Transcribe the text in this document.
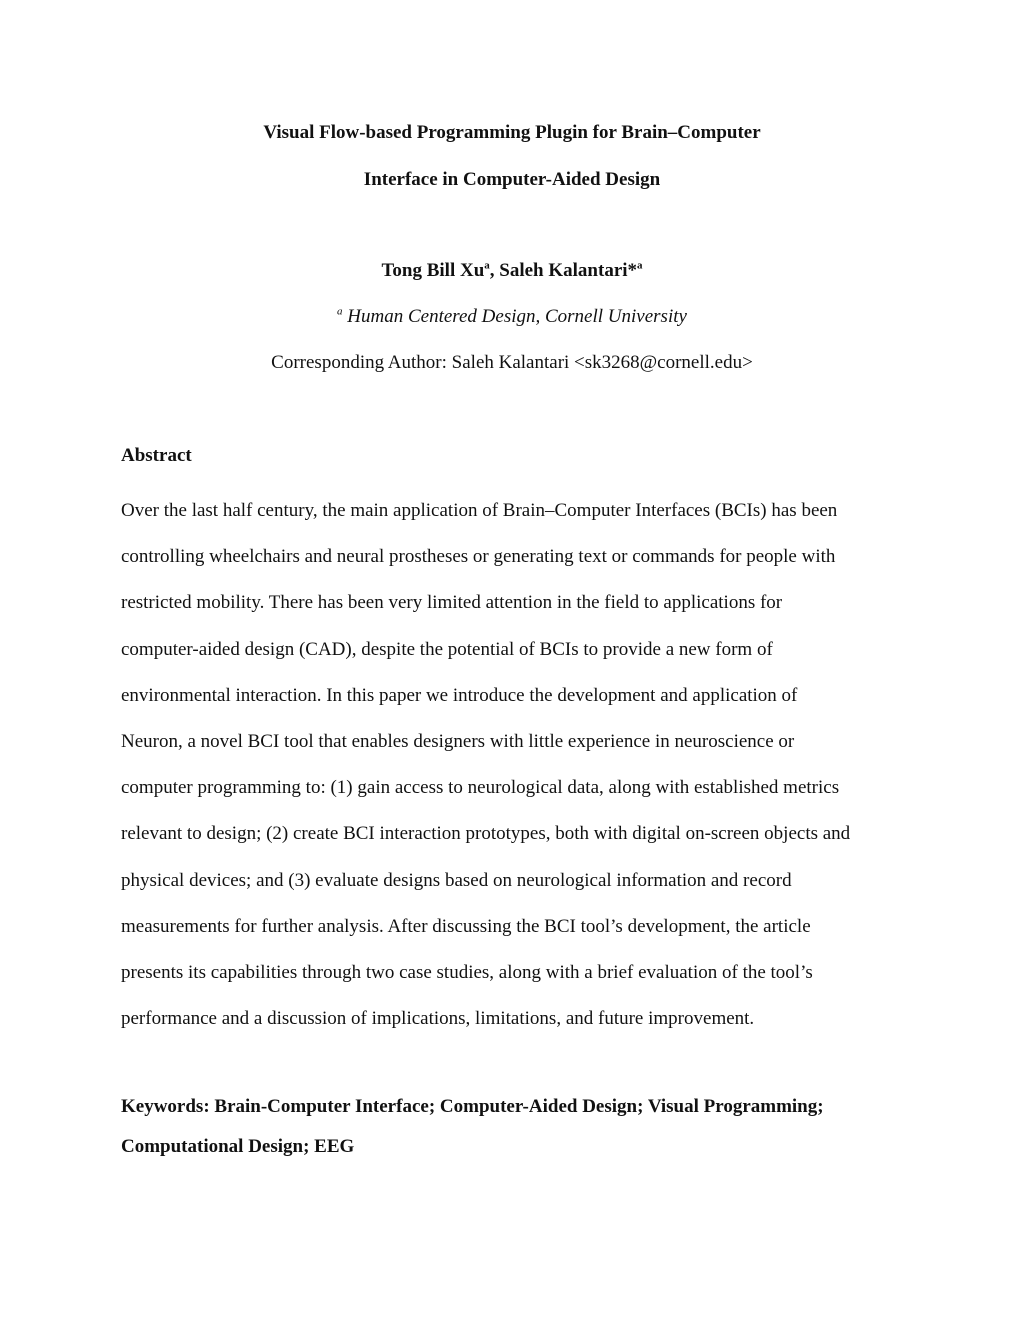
Visual Flow-based Programming Plugin for Brain–Computer
Interface in Computer-Aided Design
Tong Bill Xu$^a$, Saleh Kalantari*$^a$
$^a$ Human Centered Design, Cornell University
Corresponding Author: Saleh Kalantari <sk3268@cornell.edu>
Abstract
Over the last half century, the main application of Brain–Computer Interfaces (BCIs) has been
controlling wheelchairs and neural prostheses or generating text or commands for people with
restricted mobility. There has been very limited attention in the field to applications for
computer-aided design (CAD), despite the potential of BCIs to provide a new form of
environmental interaction. In this paper we introduce the development and application of
Neuron, a novel BCI tool that enables designers with little experience in neuroscience or
computer programming to: (1) gain access to neurological data, along with established metrics
relevant to design; (2) create BCI interaction prototypes, both with digital on-screen objects and
physical devices; and (3) evaluate designs based on neurological information and record
measurements for further analysis. After discussing the BCI tool’s development, the article
presents its capabilities through two case studies, along with a brief evaluation of the tool’s
performance and a discussion of implications, limitations, and future improvement.
Keywords: Brain-Computer Interface; Computer-Aided Design; Visual Programming;
Computational Design; EEG
